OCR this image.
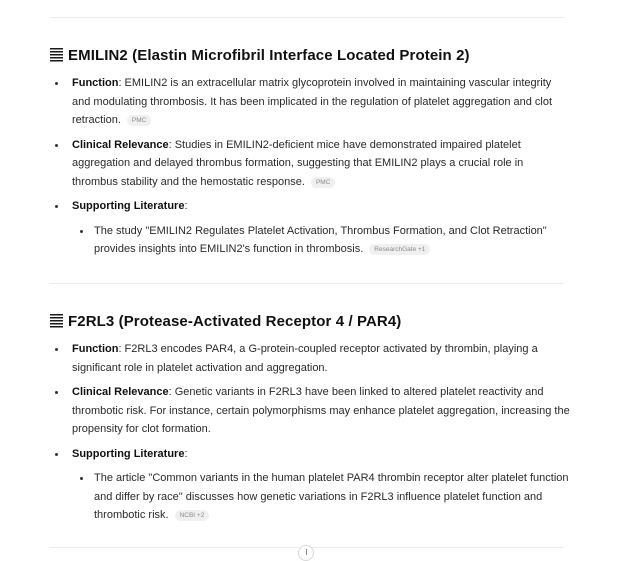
EMILIN2 (Elastin Microfibril Interface Located Protein 2)
Function: EMILIN2 is an extracellular matrix glycoprotein involved in maintaining vascular integrity and modulating thrombosis. It has been implicated in the regulation of platelet aggregation and clot retraction. PMC
Clinical Relevance: Studies in EMILIN2-deficient mice have demonstrated impaired platelet aggregation and delayed thrombus formation, suggesting that EMILIN2 plays a crucial role in thrombus stability and the hemostatic response. PMC
Supporting Literature:
The study "EMILIN2 Regulates Platelet Activation, Thrombus Formation, and Clot Retraction" provides insights into EMILIN2's function in thrombosis. ResearchGate +1
F2RL3 (Protease-Activated Receptor 4 / PAR4)
Function: F2RL3 encodes PAR4, a G-protein-coupled receptor activated by thrombin, playing a significant role in platelet activation and aggregation.
Clinical Relevance: Genetic variants in F2RL3 have been linked to altered platelet reactivity and thrombotic risk. For instance, certain polymorphisms may enhance platelet aggregation, increasing the propensity for clot formation.
Supporting Literature:
The article "Common variants in the human platelet PAR4 thrombin receptor alter platelet function and differ by race" discusses how genetic variations in F2RL3 influence platelet function and thrombotic risk. NCBI +2
